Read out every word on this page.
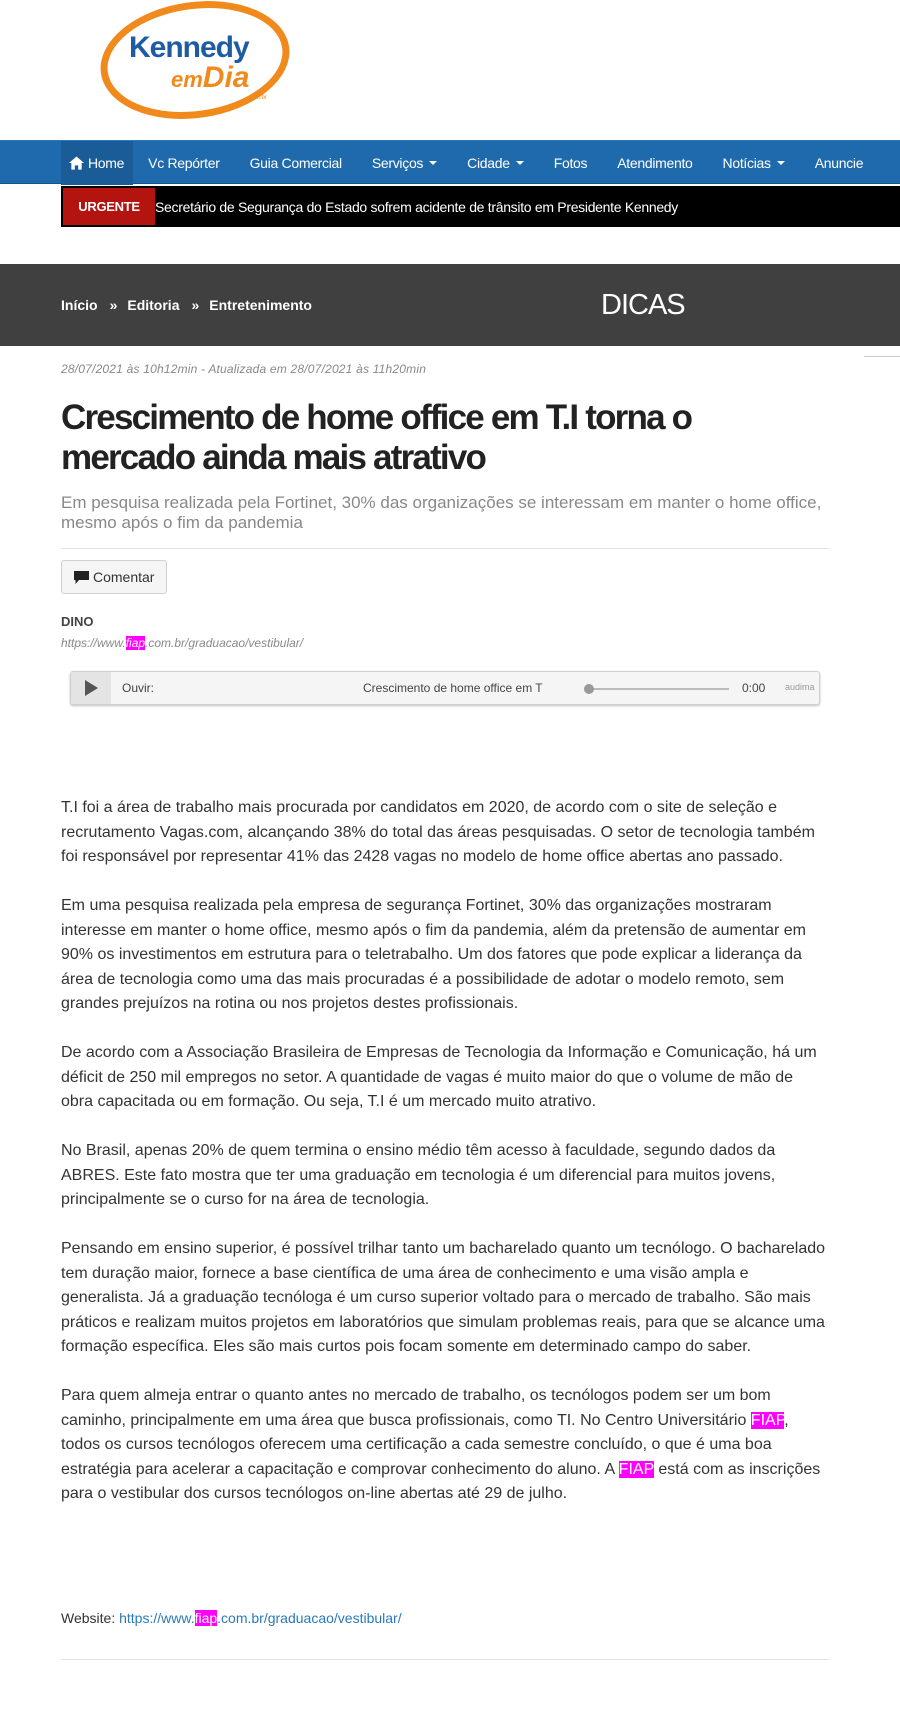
Kennedy
emDia
.com.br
Home Vc Repórter Guia Comercial Serviços	Cidade	Fotos Atendimento Notícias	Anuncie
URGENTE	Secretário de Segurança do Estado sofrem acidente de trânsito em Presidente Kennedy
Início » Editoria » Entretenimento	DICAS
28/07/2021 às 10h12min - Atualizada em 28/07/2021 às 11h20min
Crescimento de home office em T.I torna o mercado ainda mais atrativo
Em pesquisa realizada pela Fortinet, 30% das organizações se interessam em manter o home office, mesmo após o fim da pandemia
Comentar
DINO
https://www.fiap.com.br/graduacao/vestibular/
Ouvir:	Crescimento de home office em T	0:00 audima

T.I foi a área de trabalho mais procurada por candidatos em 2020, de acordo com o site de seleção e recrutamento Vagas.com, alcançando 38% do total das áreas pesquisadas. O setor de tecnologia também foi responsável por representar 41% das 2428 vagas no modelo de home office abertas ano passado.

Em uma pesquisa realizada pela empresa de segurança Fortinet, 30% das organizações mostraram interesse em manter o home office, mesmo após o fim da pandemia, além da pretensão de aumentar em 90% os investimentos em estrutura para o teletrabalho. Um dos fatores que pode explicar a liderança da área de tecnologia como uma das mais procuradas é a possibilidade de adotar o modelo remoto, sem grandes prejuízos na rotina ou nos projetos destes profissionais.

De acordo com a Associação Brasileira de Empresas de Tecnologia da Informação e Comunicação, há um déficit de 250 mil empregos no setor. A quantidade de vagas é muito maior do que o volume de mão de obra capacitada ou em formação. Ou seja, T.I é um mercado muito atrativo.

No Brasil, apenas 20% de quem termina o ensino médio têm acesso à faculdade, segundo dados da ABRES. Este fato mostra que ter uma graduação em tecnologia é um diferencial para muitos jovens, principalmente se o curso for na área de tecnologia.

Pensando em ensino superior, é possível trilhar tanto um bacharelado quanto um tecnólogo. O bacharelado tem duração maior, fornece a base científica de uma área de conhecimento e uma visão ampla e generalista. Já a graduação tecnóloga é um curso superior voltado para o mercado de trabalho. São mais práticos e realizam muitos projetos em laboratórios que simulam problemas reais, para que se alcance uma formação específica. Eles são mais curtos pois focam somente em determinado campo do saber.

Para quem almeja entrar o quanto antes no mercado de trabalho, os tecnólogos podem ser um bom caminho, principalmente em uma área que busca profissionais, como TI. No Centro Universitário FIAP, todos os cursos tecnólogos oferecem uma certificação a cada semestre concluído, o que é uma boa estratégia para acelerar a capacitação e comprovar conhecimento do aluno. A FIAP está com as inscrições para o vestibular dos cursos tecnólogos on-line abertas até 29 de julho.

Website: https://www.fiap.com.br/graduacao/vestibular/
